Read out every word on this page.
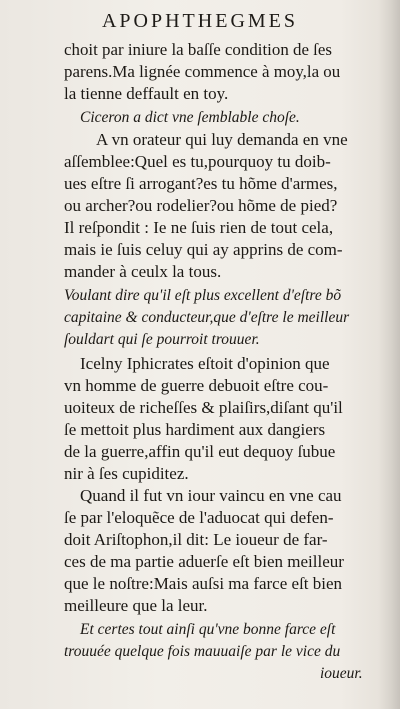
APOPHTHEGMES
choit par iniure la baſſe condition de ſes
parens.Ma lignée commence à moy,la ou
la tienne deffault en toy.
Ciceron a dict vne ſemblable choſe.
A vn orateur qui luy demanda en vne
aſſemblee:Quel es tu,pourquoy tu doib-
ues eſtre ſi arrogant?es tu hõme d'armes,
ou archer?ou rodelier?ou hõme de pied?
Il reſpondit : Ie ne ſuis rien de tout cela,
mais ie ſuis celuy qui ay apprins de com-
mander à ceulx la tous.
Voulant dire qu'il eſt plus excellent d'eſtre bõ
capitaine & conducteur,que d'eſtre le meilleur
ſouldart qui ſe pourroit trouuer.
Icelny Iphicrates eſtoit d'opinion que
vn homme de guerre debuoit eſtre cou-
uoiteux de richeſſes & plaiſirs,diſant qu'il
ſe mettoit plus hardiment aux dangiers
de la guerre,affin qu'il eut dequoy ſubue
nir à ſes cupiditez.
Quand il fut vn iour vaincu en vne cau
ſe par l'eloquẽce de l'aduocat qui defen-
doit Ariſtophon,il dit: Le ioueur de far-
ces de ma partie aduerſe eſt bien meilleur
que le noſtre:Mais auſsi ma farce eſt bien
meilleure que la leur.
Et certes tout ainſi qu'vne bonne farce eſt
trouuée quelque fois mauuaiſe par le vice du
ioueur.
